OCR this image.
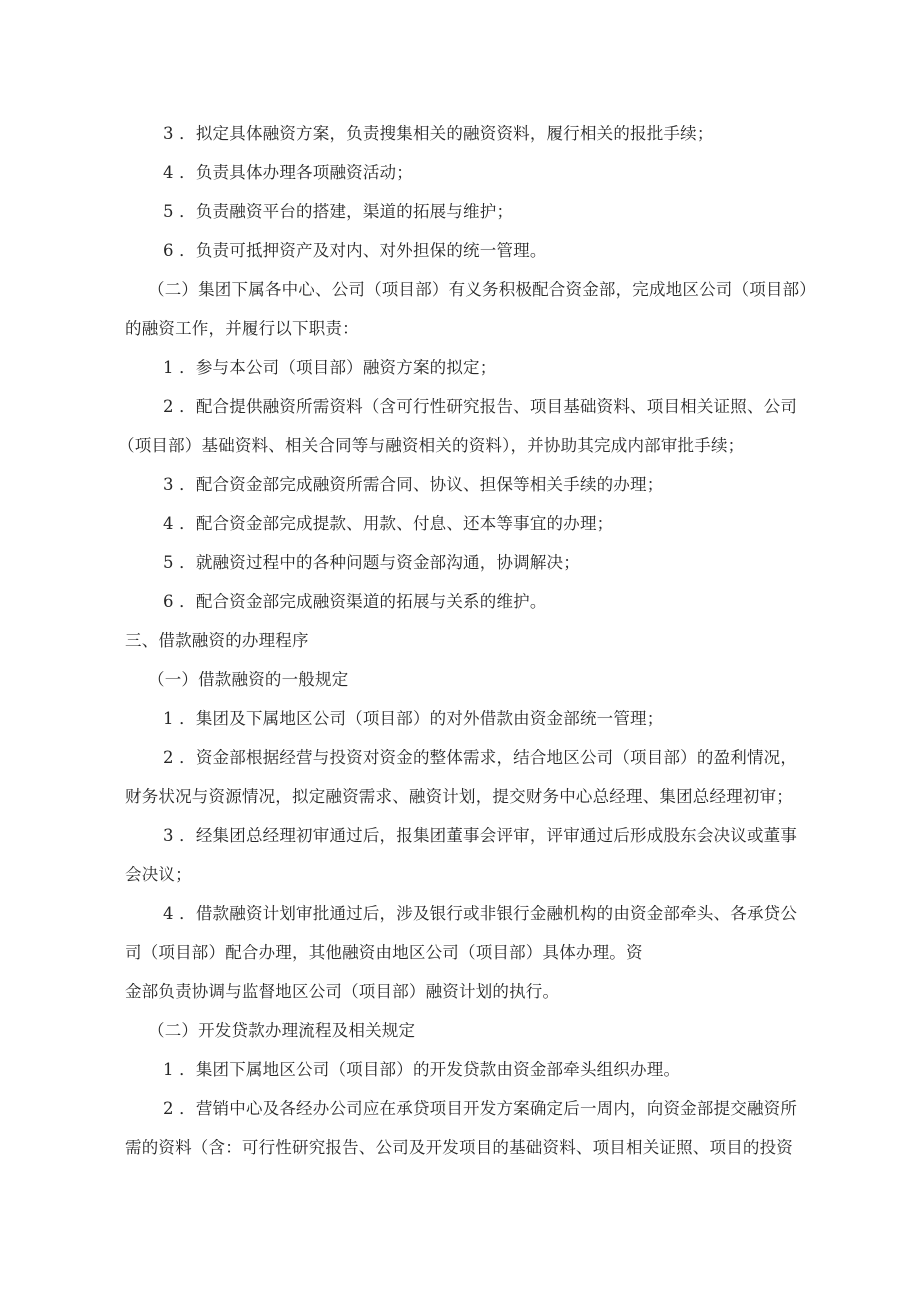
3 ．拟定具体融资方案，负责搜集相关的融资资料，履行相关的报批手续；
4 ．负责具体办理各项融资活动；
5 ．负责融资平台的搭建，渠道的拓展与维护；
6 ．负责可抵押资产及对内、对外担保的统一管理。
（二）集团下属各中心、公司（项目部）有义务积极配合资金部，完成地区公司（项目部）
的融资工作，并履行以下职责：
1 ．参与本公司（项目部）融资方案的拟定；
2 ．配合提供融资所需资料（含可行性研究报告、项目基础资料、项目相关证照、公司
（项目部）基础资料、相关合同等与融资相关的资料），并协助其完成内部审批手续；
3 ．配合资金部完成融资所需合同、协议、担保等相关手续的办理；
4 ．配合资金部完成提款、用款、付息、还本等事宜的办理；
5 ．就融资过程中的各种问题与资金部沟通，协调解决；
6 ．配合资金部完成融资渠道的拓展与关系的维护。
三、借款融资的办理程序
（一）借款融资的一般规定
1 ．集团及下属地区公司（项目部）的对外借款由资金部统一管理；
2 ．资金部根据经营与投资对资金的整体需求，结合地区公司（项目部）的盈利情况，
财务状况与资源情况，拟定融资需求、融资计划，提交财务中心总经理、集团总经理初审；
3 ．经集团总经理初审通过后，报集团董事会评审，评审通过后形成股东会决议或董事
会决议；
4 ．借款融资计划审批通过后，涉及银行或非银行金融机构的由资金部牵头、各承贷公
司（项目部）配合办理，其他融资由地区公司（项目部）具体办理。资
金部负责协调与监督地区公司（项目部）融资计划的执行。
（二）开发贷款办理流程及相关规定
1 ．集团下属地区公司（项目部）的开发贷款由资金部牵头组织办理。
2 ．营销中心及各经办公司应在承贷项目开发方案确定后一周内，向资金部提交融资所
需的资料（含：可行性研究报告、公司及开发项目的基础资料、项目相关证照、项目的投资
